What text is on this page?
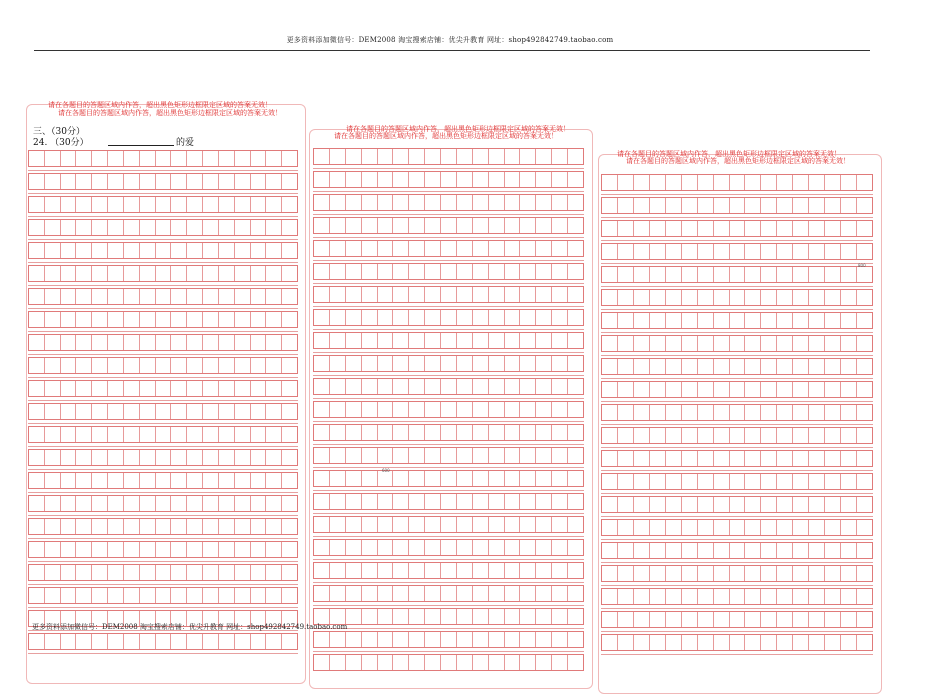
更多资料添加微信号：DEM2008 淘宝搜索店铺：优尖升教育 网址：shop492842749.taobao.com
请在各题目的答题区域内作答，超出黑色矩形边框限定区域的答案无效！
请在各题目的答题区域内作答，超出黑色矩形边框限定区域的答案无效！
三、（30分）
24. （30分）	的爱
请在各题目的答题区域内作答，超出黑色矩形边框限定区域的答案无效！
请在各题目的答题区域内作答，超出黑色矩形边框限定区域的答案无效！
600
请在各题目的答题区域内作答，超出黑色矩形边框限定区域的答案无效！
请在各题目的答题区域内作答，超出黑色矩形边框限定区域的答案无效！
800
更多资料添加微信号：DEM2008 淘宝搜索店铺：优尖升教育 网址：shop492842749.taobao.com
